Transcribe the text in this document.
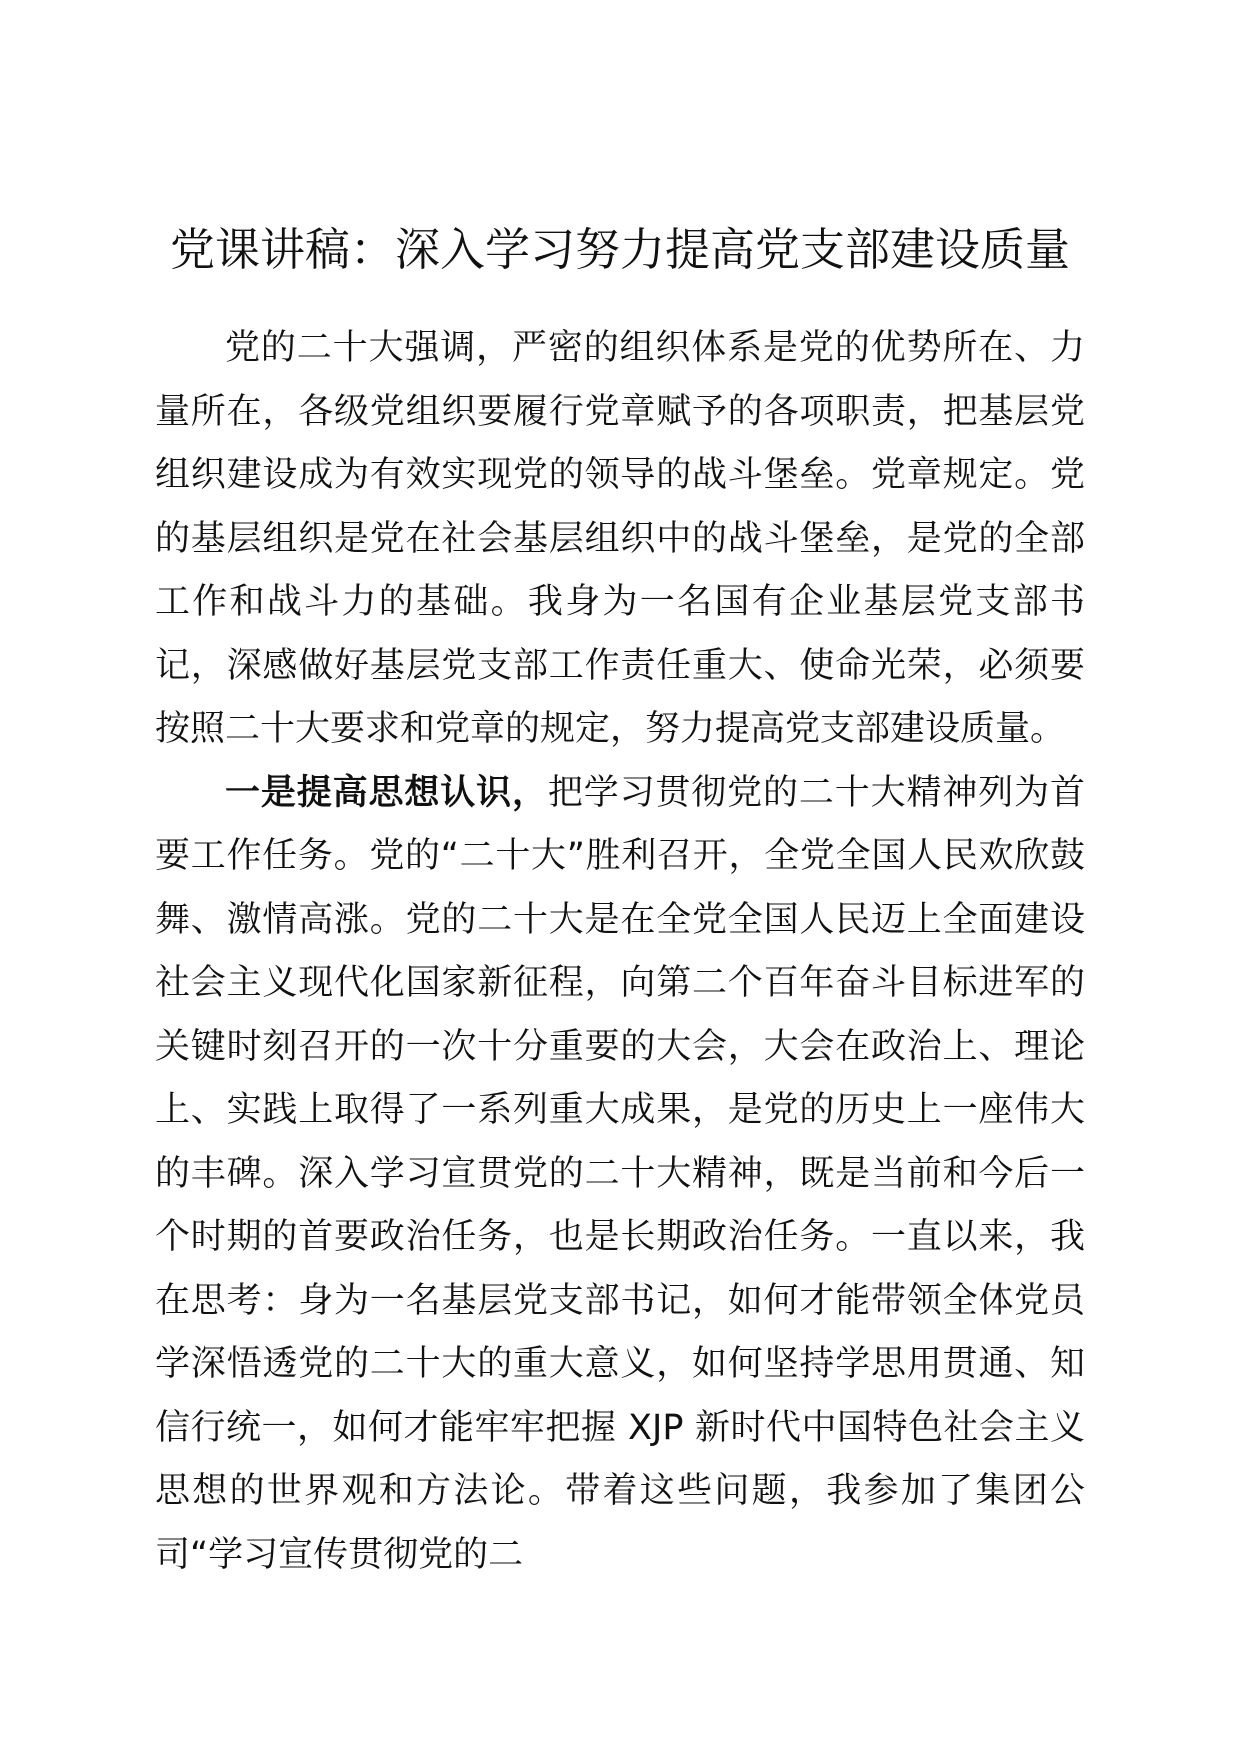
党课讲稿：深入学习努力提高党支部建设质量

党的二十大强调，严密的组织体系是党的优势所在、力量所在，各级党组织要履行党章赋予的各项职责，把基层党组织建设成为有效实现党的领导的战斗堡垒。党章规定。党的基层组织是党在社会基层组织中的战斗堡垒，是党的全部工作和战斗力的基础。我身为一名国有企业基层党支部书记，深感做好基层党支部工作责任重大、使命光荣，必须要按照二十大要求和党章的规定，努力提高党支部建设质量。

一是提高思想认识，把学习贯彻党的二十大精神列为首要工作任务。党的“二十大”胜利召开，全党全国人民欢欣鼓舞、激情高涨。党的二十大是在全党全国人民迈上全面建设社会主义现代化国家新征程，向第二个百年奋斗目标进军的关键时刻召开的一次十分重要的大会，大会在政治上、理论上、实践上取得了一系列重大成果，是党的历史上一座伟大的丰碑。深入学习宣贯党的二十大精神，既是当前和今后一个时期的首要政治任务，也是长期政治任务。一直以来，我在思考：身为一名基层党支部书记，如何才能带领全体党员学深悟透党的二十大的重大意义，如何坚持学思用贯通、知信行统一，如何才能牢牢把握 XJP 新时代中国特色社会主义思想的世界观和方法论。带着这些问题，我参加了集团公司“学习宣传贯彻党的二
